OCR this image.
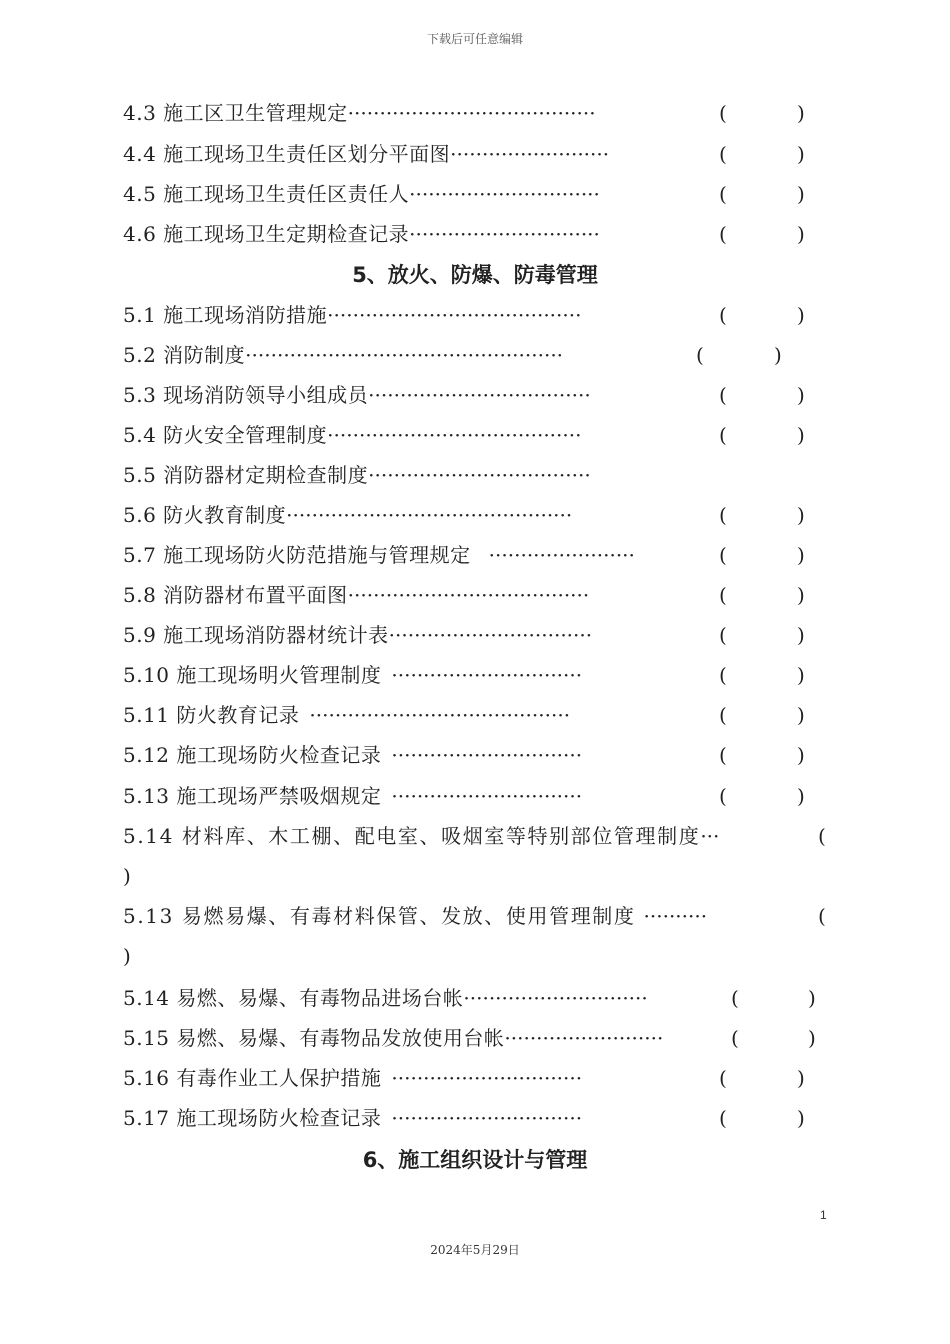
下载后可任意编辑
4.3 施工区卫生管理规定·······································	(	)
4.4 施工现场卫生责任区划分平面图·························	(	)
4.5 施工现场卫生责任区责任人······························	(	)
4.6 施工现场卫生定期检查记录······························	(	)
5、放火、防爆、防毒管理
5.1 施工现场消防措施········································	(	)
5.2 消防制度··················································	(	)
5.3 现场消防领导小组成员···································	(	)
5.4 防火安全管理制度········································	(	)
5.5 消防器材定期检查制度···································
5.6 防火教育制度·············································	(	)
5.7 施工现场防火防范措施与管理规定 ·······················	(	)
5.8 消防器材布置平面图······································	(	)
5.9 施工现场消防器材统计表································	(	)
5.10 施工现场明火管理制度 ······························	(	)
5.11 防火教育记录 ·········································	(	)
5.12 施工现场防火检查记录 ······························	(	)
5.13 施工现场严禁吸烟规定 ······························	(	)
5.14 材料库、木工棚、配电室、吸烟室等特别部位管理制度···	(
)
5.13 易燃易爆、有毒材料保管、发放、使用管理制度 ··········	(
)
5.14 易燃、易爆、有毒物品进场台帐·····························	(	)
5.15 易燃、易爆、有毒物品发放使用台帐·························	(	)
5.16 有毒作业工人保护措施 ······························	(	)
5.17 施工现场防火检查记录 ······························	(	)
6、施工组织设计与管理
1
2024年5月29日
